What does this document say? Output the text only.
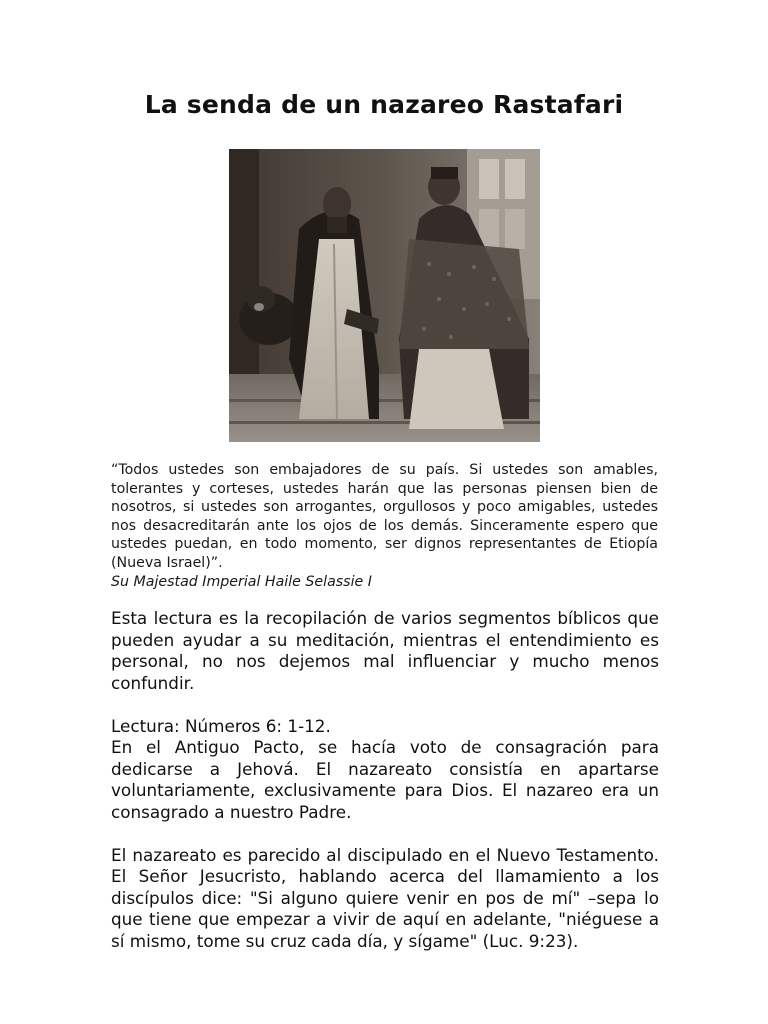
La senda de un nazareo Rastafari

“Todos ustedes son embajadores de su país. Si ustedes son amables, tolerantes y corteses, ustedes harán que las personas piensen bien de nosotros, si ustedes son arrogantes, orgullosos y poco amigables, ustedes nos desacreditarán ante los ojos de los demás. Sinceramente espero que ustedes puedan, en todo momento, ser dignos representantes de Etiopía (Nueva Israel)”.

Su Majestad Imperial Haile Selassie I

Esta lectura es la recopilación de varios segmentos bíblicos que pueden ayudar a su meditación, mientras el entendimiento es personal, no nos dejemos mal influenciar y mucho menos confundir.

Lectura: Números 6: 1-12.

En el Antiguo Pacto, se hacía voto de consagración para dedicarse a Jehová. El nazareato consistía en apartarse voluntariamente, exclusivamente para Dios. El nazareo era un consagrado a nuestro Padre.

El nazareato es parecido al discipulado en el Nuevo Testamento. El Señor Jesucristo, hablando acerca del llamamiento a los discípulos dice: "Si alguno quiere venir en pos de mí" –sepa lo que tiene que empezar a vivir de aquí en adelante, "niéguese a sí mismo, tome su cruz cada día, y sígame" (Luc. 9:23).
